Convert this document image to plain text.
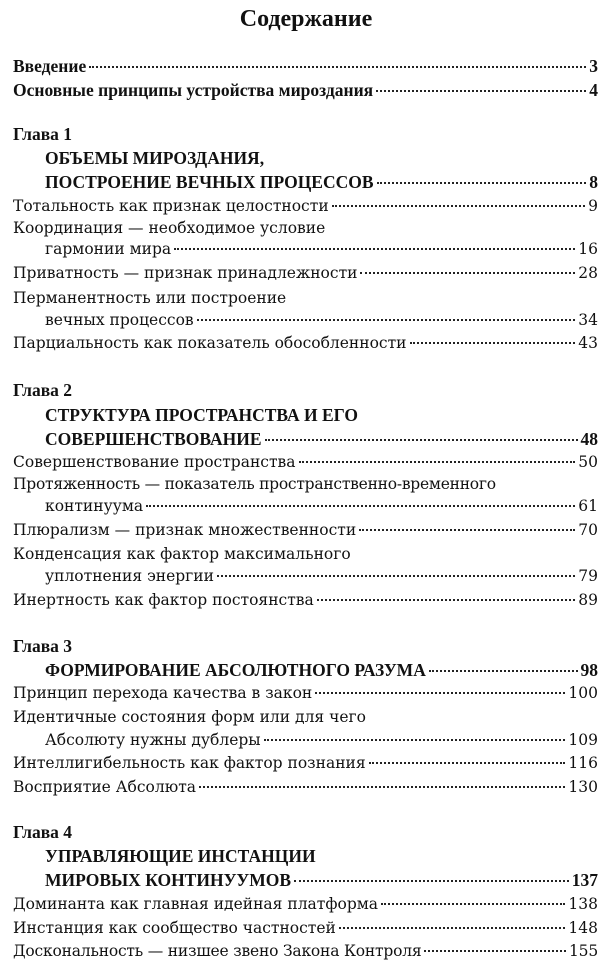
Содержание
Введение	3
Основные принципы устройства мироздания	4
Глава 1
ОБЪЕМЫ МИРОЗДАНИЯ,
ПОСТРОЕНИЕ ВЕЧНЫХ ПРОЦЕССОВ	8
Тотальность как признак целостности	9
Координация — необходимое условие
гармонии мира	16
Приватность — признак принадлежности	28
Перманентность или построение
вечных процессов	34
Парциальность как показатель обособленности	43
Глава 2
СТРУКТУРА ПРОСТРАНСТВА И ЕГО
СОВЕРШЕНСТВОВАНИЕ	48
Совершенствование пространства	50
Протяженность — показатель пространственно-временного
континуума	61
Плюрализм — признак множественности	70
Конденсация как фактор максимального
уплотнения энергии	79
Инертность как фактор постоянства	89
Глава 3
ФОРМИРОВАНИЕ АБСОЛЮТНОГО РАЗУМА	98
Принцип перехода качества в закон	100
Идентичные состояния форм или для чего
Абсолюту нужны дублеры	109
Интеллигибельность как фактор познания	116
Восприятие Абсолюта	130
Глава 4
УПРАВЛЯЮЩИЕ ИНСТАНЦИИ
МИРОВЫХ КОНТИНУУМОВ	137
Доминанта как главная идейная платформа	138
Инстанция как сообщество частностей	148
Доскональность — низшее звено Закона Контроля	155
